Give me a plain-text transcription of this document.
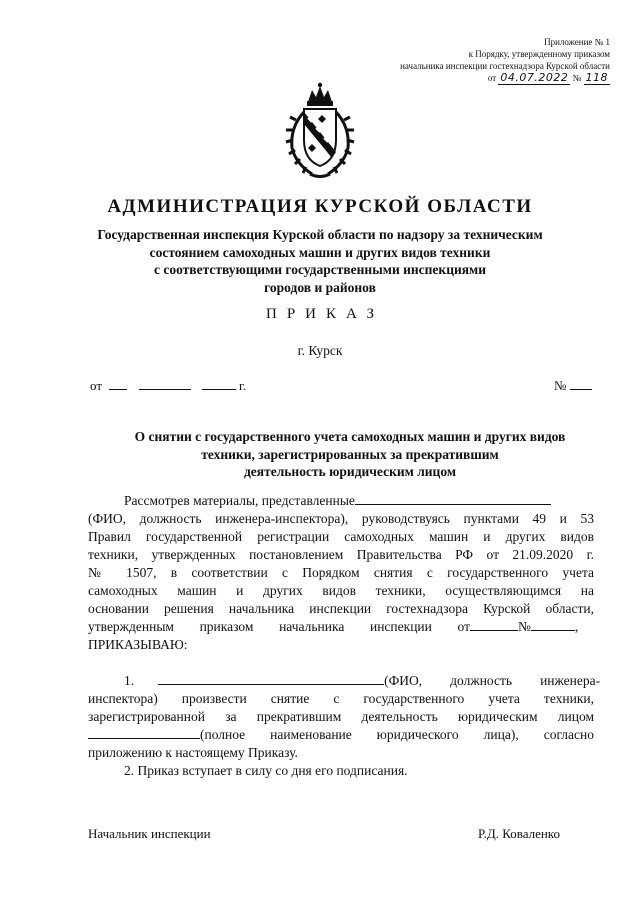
Приложение № 1
к Порядку, утвержденному приказом
начальника инспекции гостехнадзора Курской области
от 04.07.2022 № 118
АДМИНИСТРАЦИЯ КУРСКОЙ ОБЛАСТИ
Государственная инспекция Курской области по надзору за техническим
состоянием самоходных машин и других видов техники
с соответствующими государственными инспекциями
городов и районов
ПРИКАЗ
г. Курск
от	г.	№
О снятии с государственного учета самоходных машин и других видов
техники, зарегистрированных за прекратившим
деятельность юридическим лицом
Рассмотрев материалы, представленные
(ФИО, должность инженера-инспектора), руководствуясь пунктами 49 и 53
Правил государственной регистрации самоходных машин и других видов
техники, утвержденных постановлением Правительства РФ от 21.09.2020 г.
№ 1507, в соответствии с Порядком снятия с государственного учета
самоходных машин и других видов техники, осуществляющимся на
основании решения начальника инспекции гостехнадзора Курской области,
утвержденным приказом начальника инспекции от	№	,
ПРИКАЗЫВАЮ:
1.	(ФИО, должность инженера-
инспектора) произвести снятие с государственного учета техники,
зарегистрированной за прекратившим деятельность юридическим лицом
(полное наименование юридического лица), согласно
приложению к настоящему Приказу.
2. Приказ вступает в силу со дня его подписания.
Начальник инспекции	Р.Д. Коваленко
